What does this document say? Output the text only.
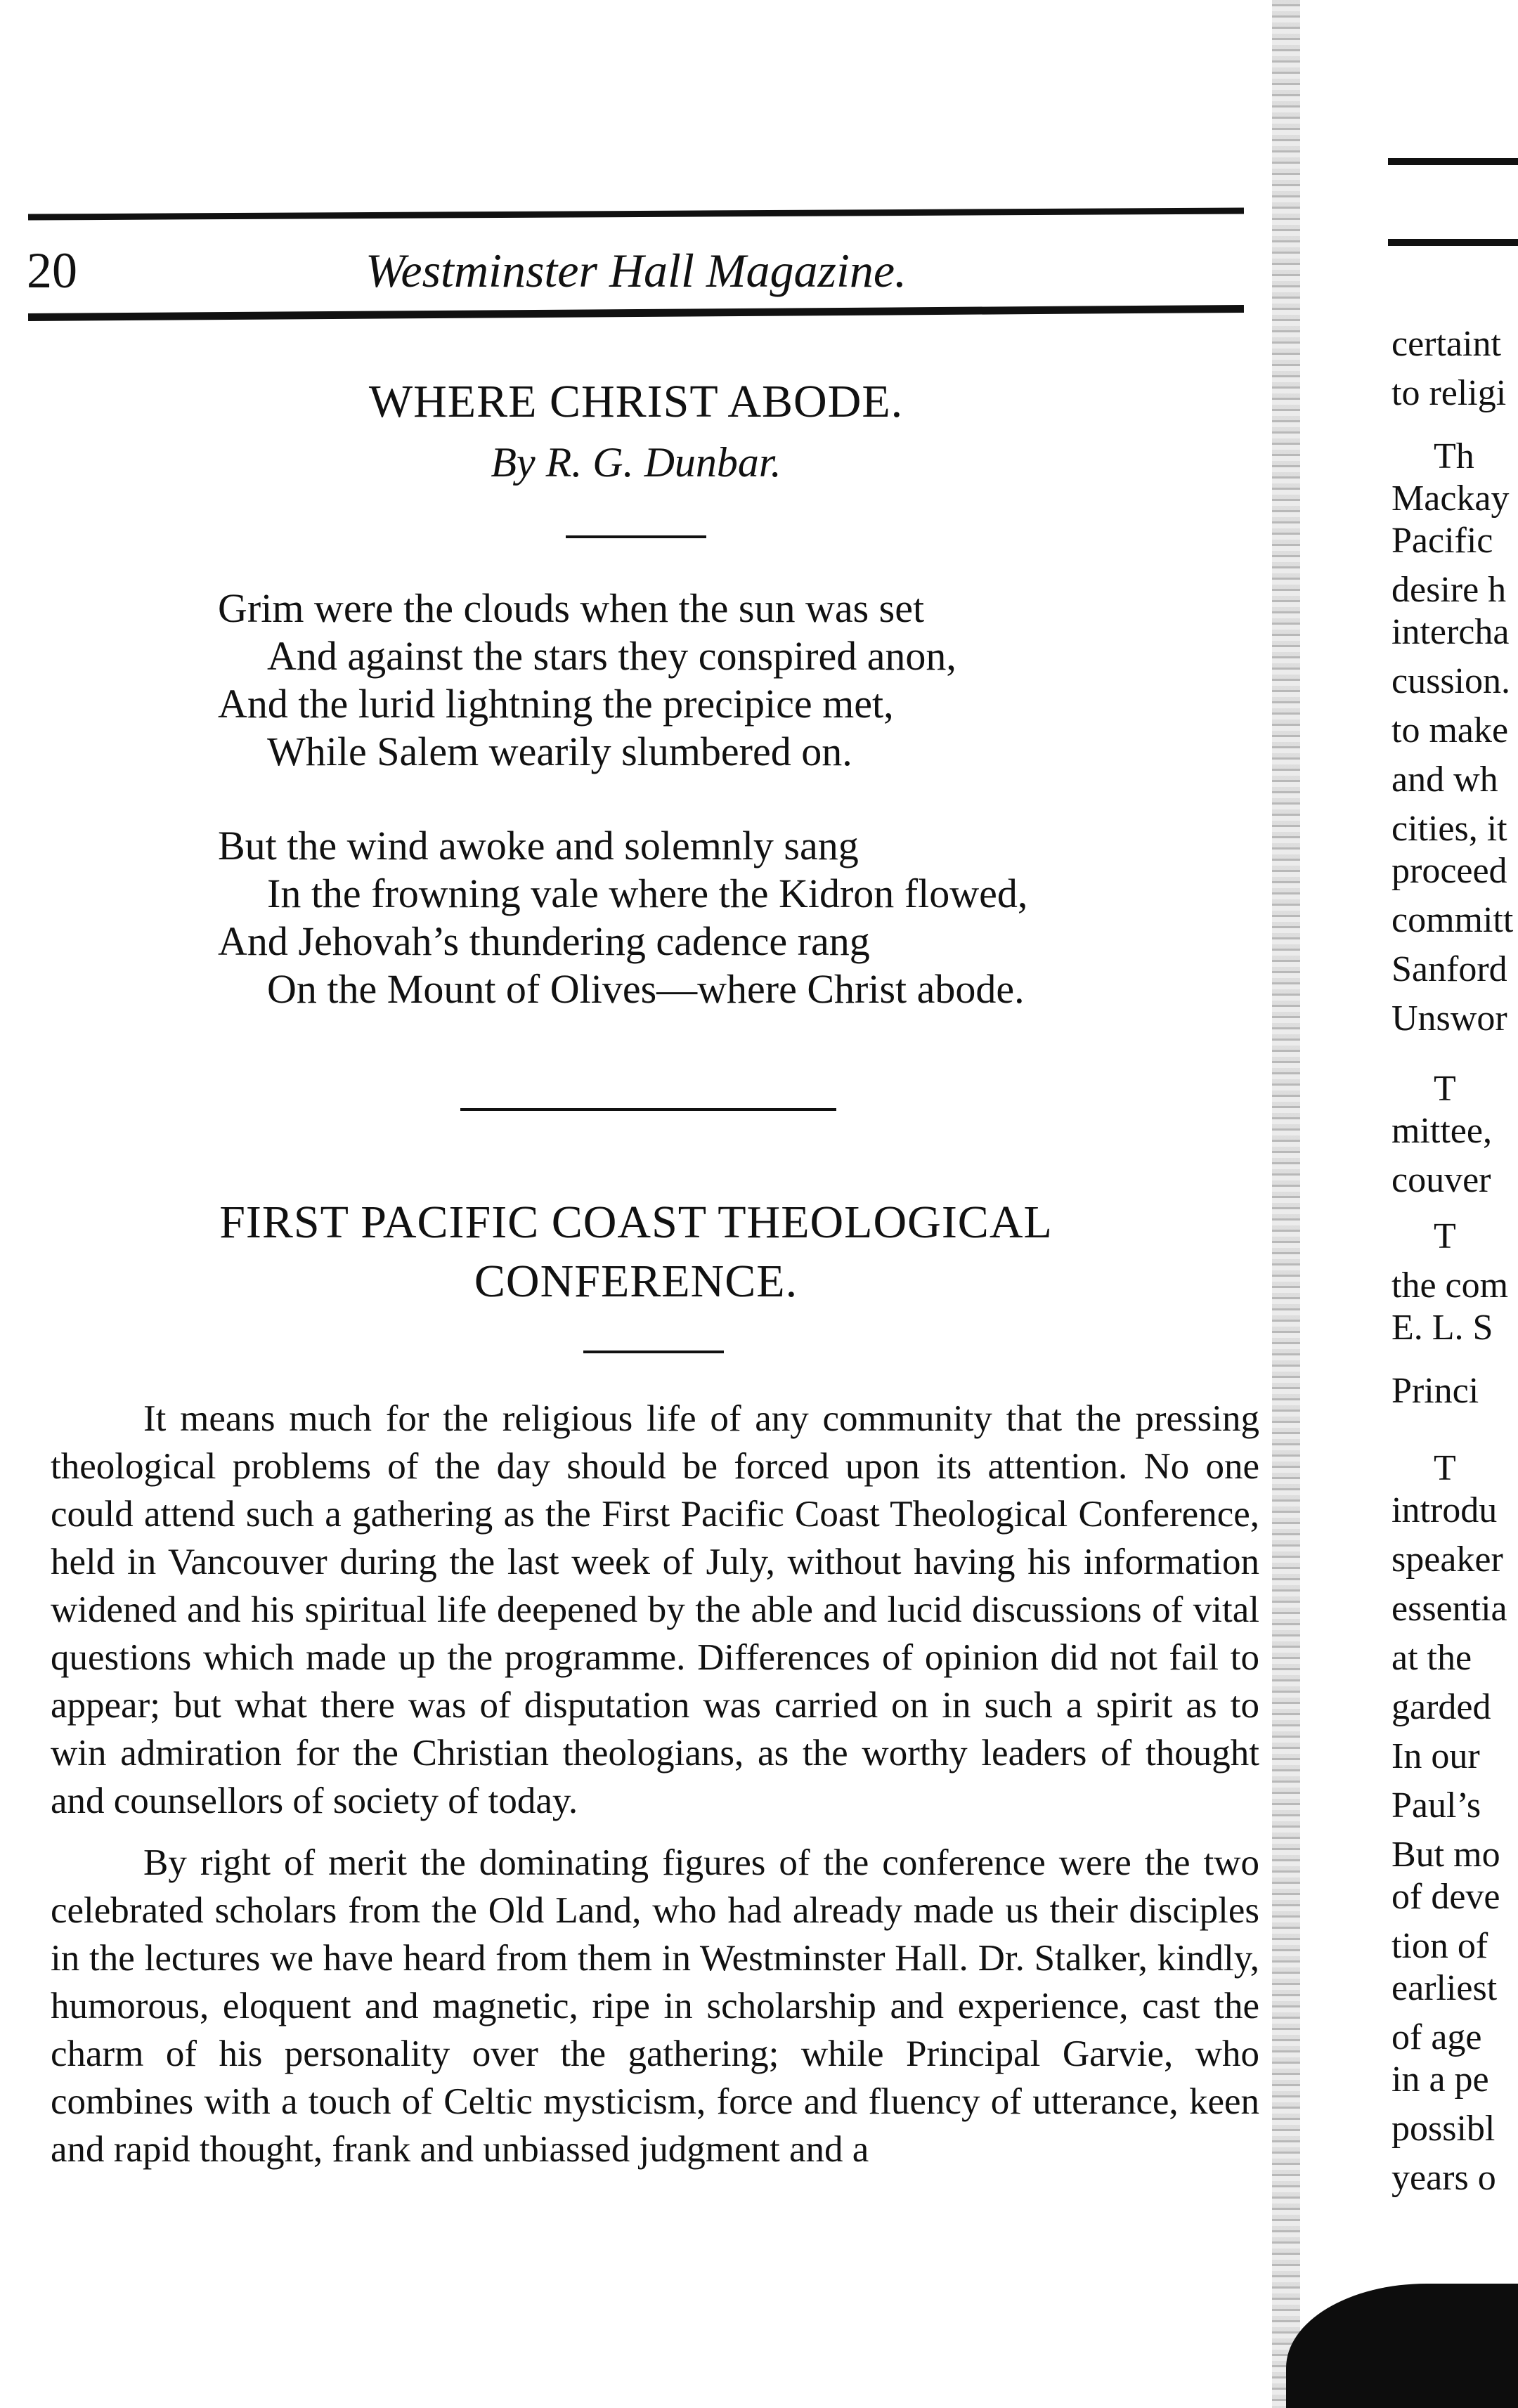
20	Westminster Hall Magazine.
WHERE CHRIST ABODE.
By R. G. Dunbar.
Grim were the clouds when the sun was set
And against the stars they conspired anon,
And the lurid lightning the precipice met,
While Salem wearily slumbered on.
But the wind awoke and solemnly sang
In the frowning vale where the Kidron flowed,
And Jehovah’s thundering cadence rang
On the Mount of Olives—where Christ abode.
FIRST PACIFIC COAST THEOLOGICAL
CONFERENCE.

It means much for the religious life of any community that the pressing theological problems of the day should be forced upon its attention. No one could attend such a gathering as the First Pacific Coast Theological Conference, held in Vancouver during the last week of July, without having his information widened and his spiritual life deepened by the able and lucid discussions of vital questions which made up the programme. Differences of opinion did not fail to appear; but what there was of disputation was carried on in such a spirit as to win admiration for the Christian theologians, as the worthy leaders of thought and counsellors of society of today.

By right of merit the dominating figures of the conference were the two celebrated scholars from the Old Land, who had already made us their disciples in the lectures we have heard from them in Westminster Hall. Dr. Stalker, kindly, humorous, eloquent and magnetic, ripe in scholarship and experience, cast the charm of his personality over the gathering; while Principal Garvie, who combines with a touch of Celtic mysticism, force and fluency of utterance, keen and rapid thought, frank and unbiassed judgment and a

certaint
to religi
Th
Mackay
Pacific
desire h
intercha
cussion.
to make
and wh
cities, it
proceed
committ
Sanford
Unswor
T
mittee,
couver
T
the com
E. L. S
Princi
T
introdu
speaker
essentia
at the
garded
In our
Paul’s
But mo
of deve
tion of
earliest
of age
in a pe
possibl
years o
